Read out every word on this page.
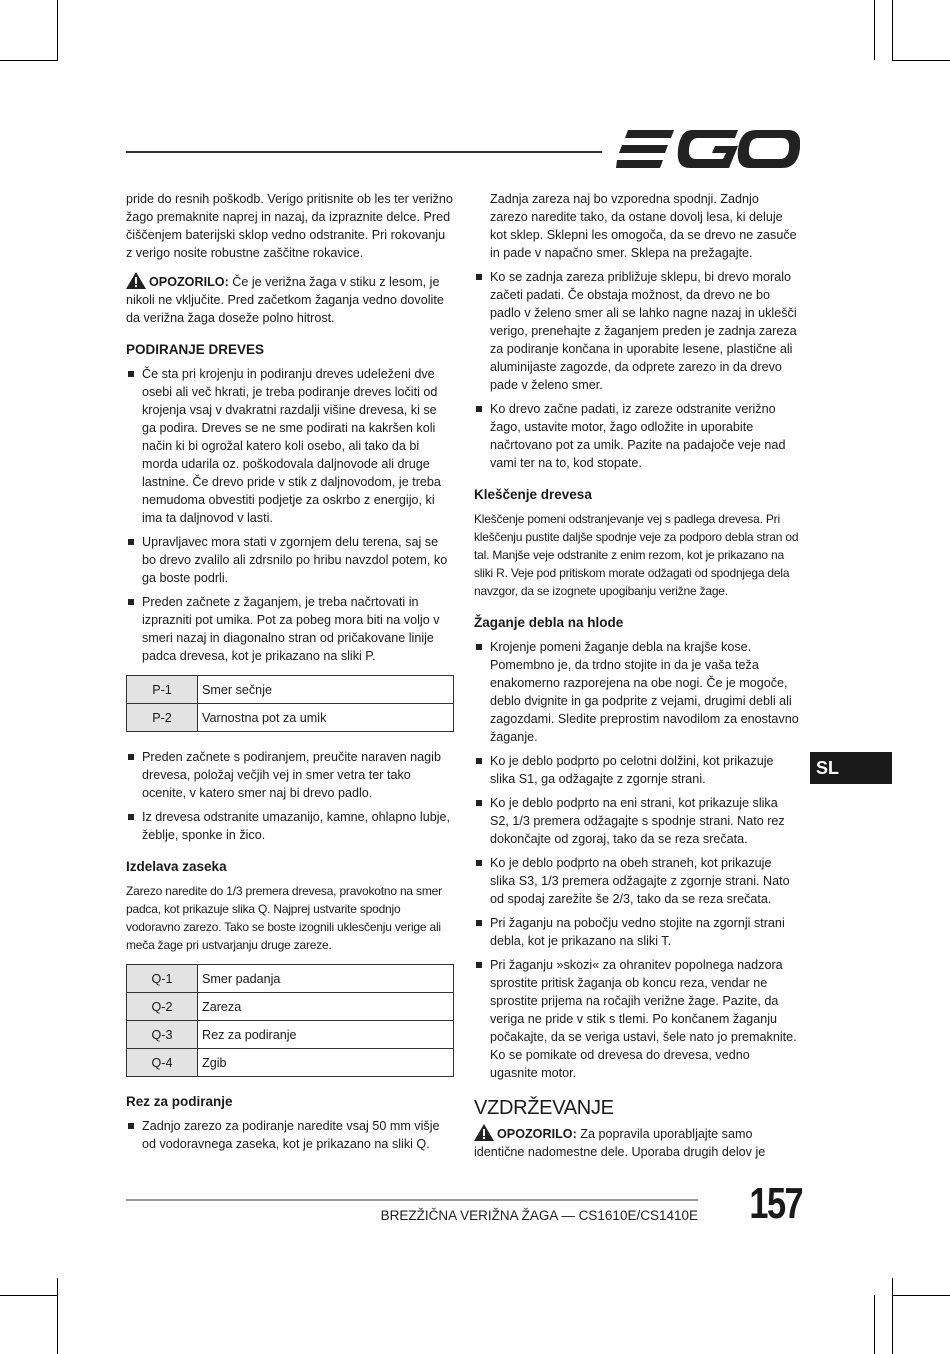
pride do resnih poškodb. Verigo pritisnite ob les ter verižno žago premaknite naprej in nazaj, da izpraznite delce. Pred čiščenjem baterijski sklop vedno odstranite. Pri rokovanju z verigo nosite robustne zaščitne rokavice.

OPOZORILO: Če je verižna žaga v stiku z lesom, je nikoli ne vključite. Pred začetkom žaganja vedno dovolite da verižna žaga doseže polno hitrost.

PODIRANJE DREVES
Če sta pri krojenju in podiranju dreves udeleženi dve osebi ali več hkrati, je treba podiranje dreves ločiti od krojenja vsaj v dvakratni razdalji višine drevesa, ki se ga podira. Dreves se ne sme podirati na kakršen koli način ki bi ogrožal katero koli osebo, ali tako da bi morda udarila oz. poškodovala daljnovode ali druge lastnine. Če drevo pride v stik z daljnovodom, je treba nemudoma obvestiti podjetje za oskrbo z energijo, ki ima ta daljnovod v lasti.
Upravljavec mora stati v zgornjem delu terena, saj se bo drevo zvalilo ali zdrsnilo po hribu navzdol potem, ko ga boste podrli.
Preden začnete z žaganjem, je treba načrtovati in izprazniti pot umika. Pot za pobeg mora biti na voljo v smeri nazaj in diagonalno stran od pričakovane linije padca drevesa, kot je prikazano na sliki P.
P-1	Smer sečnje
P-2	Varnostna pot za umik
Preden začnete s podiranjem, preučite naraven nagib drevesa, položaj večjih vej in smer vetra ter tako ocenite, v katero smer naj bi drevo padlo.
Iz drevesa odstranite umazanijo, kamne, ohlapno lubje, žeblje, sponke in žico.
Izdelava zaseka

Zarezo naredite do 1/3 premera drevesa, pravokotno na smer padca, kot prikazuje slika Q. Najprej ustvarite spodnjo vodoravno zarezo. Tako se boste izognili uklesčenju verige ali meča žage pri ustvarjanju druge zareze.

Q-1	Smer padanja
Q-2	Zareza
Q-3	Rez za podiranje
Q-4	Zgib
Rez za podiranje
Zadnjo zarezo za podiranje naredite vsaj 50 mm višje od vodoravnega zaseka, kot je prikazano na sliki Q.

Zadnja zareza naj bo vzporedna spodnji. Zadnjo zarezo naredite tako, da ostane dovolj lesa, ki deluje kot sklep. Sklepni les omogoča, da se drevo ne zasuče in pade v napačno smer. Sklepa na prežagajte.

Ko se zadnja zareza približuje sklepu, bi drevo moralo začeti padati. Če obstaja možnost, da drevo ne bo padlo v želeno smer ali se lahko nagne nazaj in uklešči verigo, prenehajte z žaganjem preden je zadnja zareza za podiranje končana in uporabite lesene, plastične ali aluminijaste zagozde, da odprete zarezo in da drevo pade v želeno smer.
Ko drevo začne padati, iz zareze odstranite verižno žago, ustavite motor, žago odložite in uporabite načrtovano pot za umik. Pazite na padajoče veje nad vami ter na to, kod stopate.
Kleščenje drevesa

Kleščenje pomeni odstranjevanje vej s padlega drevesa. Pri kleščenju pustite daljše spodnje veje za podporo debla stran od tal. Manjše veje odstranite z enim rezom, kot je prikazano na sliki R. Veje pod pritiskom morate odžagati od spodnjega dela navzgor, da se izognete upogibanju verižne žage.

Žaganje debla na hlode
Krojenje pomeni žaganje debla na krajše kose. Pomembno je, da trdno stojite in da je vaša teža enakomerno razporejena na obe nogi. Če je mogoče, deblo dvignite in ga podprite z vejami, drugimi debli ali zagozdami. Sledite preprostim navodilom za enostavno žaganje.
Ko je deblo podprto po celotni dolžini, kot prikazuje slika S1, ga odžagajte z zgornje strani.
Ko je deblo podprto na eni strani, kot prikazuje slika S2, 1/3 premera odžagajte s spodnje strani. Nato rez dokončajte od zgoraj, tako da se reza srečata.
Ko je deblo podprto na obeh straneh, kot prikazuje slika S3, 1/3 premera odžagajte z zgornje strani. Nato od spodaj zarežite še 2/3, tako da se reza srečata.
Pri žaganju na pobočju vedno stojite na zgornji strani debla, kot je prikazano na sliki T.
Pri žaganju »skozi« za ohranitev popolnega nadzora sprostite pritisk žaganja ob koncu reza, vendar ne sprostite prijema na ročajih verižne žage. Pazite, da veriga ne pride v stik s tlemi. Po končanem žaganju počakajte, da se veriga ustavi, šele nato jo premaknite. Ko se pomikate od drevesa do drevesa, vedno ugasnite motor.
VZDRŽEVANJE

OPOZORILO: Za popravila uporabljajte samo identične nadomestne dele. Uporaba drugih delov je

SL
BREZŽIČNA VERIŽNA ŽAGA — CS1610E/CS1410E	157
